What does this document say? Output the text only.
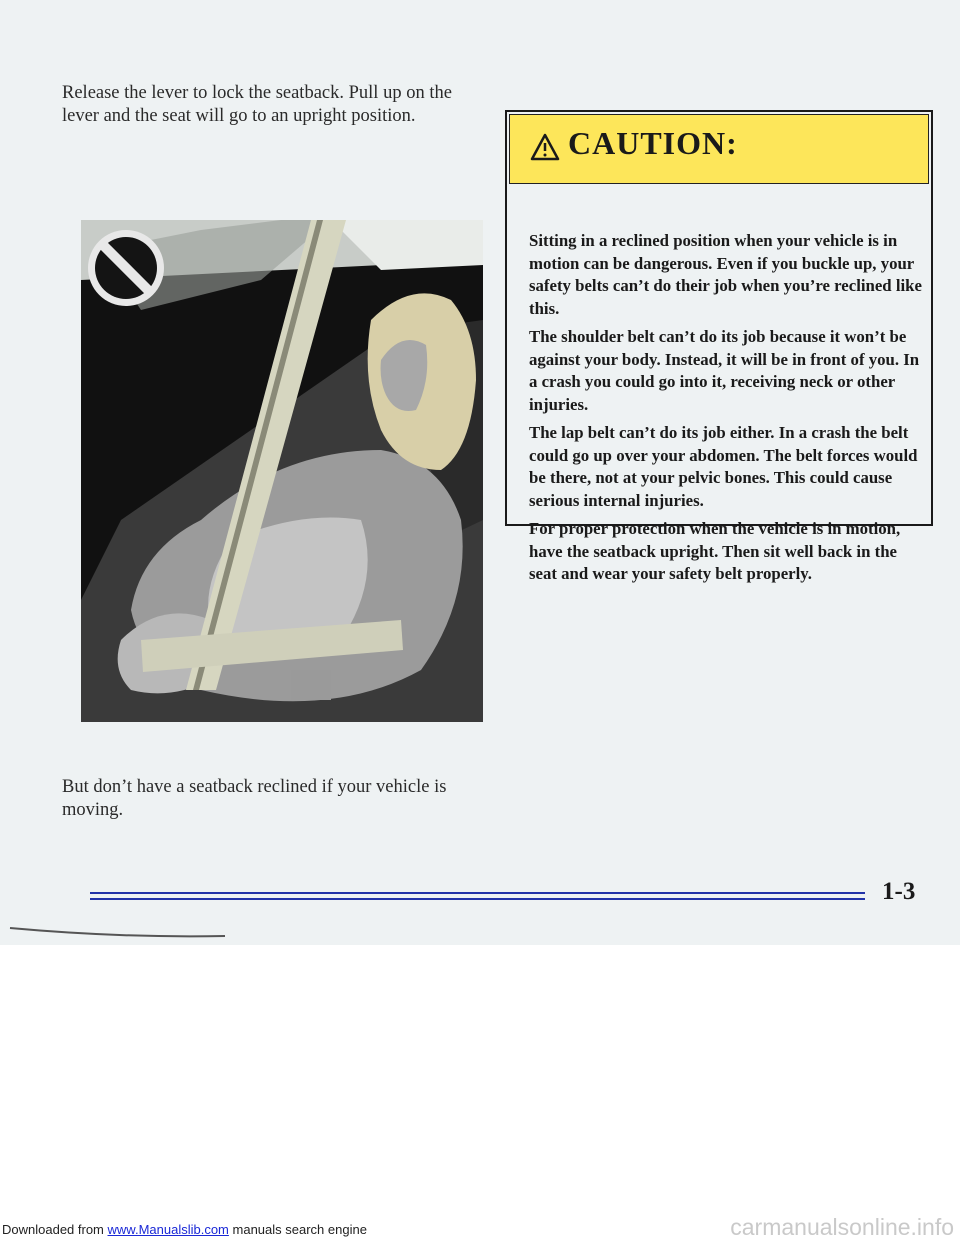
Release the lever to lock the seatback. Pull up on the lever and the seat will go to an upright position.
But don’t have a seatback reclined if your vehicle is moving.
CAUTION:

Sitting in a reclined position when your vehicle is in motion can be dangerous. Even if you buckle up, your safety belts can’t do their job when you’re reclined like this.

The shoulder belt can’t do its job because it won’t be against your body. Instead, it will be in front of you. In a crash you could go into it, receiving neck or other injuries.

The lap belt can’t do its job either. In a crash the belt could go up over your abdomen. The belt forces would be there, not at your pelvic bones. This could cause serious internal injuries.

For proper protection when the vehicle is in motion, have the seatback upright. Then sit well back in the seat and wear your safety belt properly.

1-3
Downloaded from www.Manualslib.com manuals search engine	carmanualsonline.info
